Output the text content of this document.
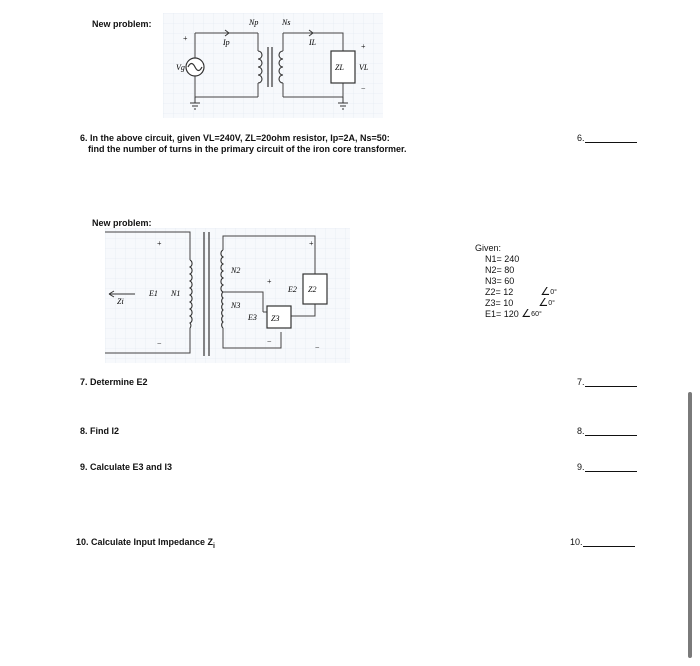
New problem:
+
Vg
Np	Ns
Ip	IL
ZL
+
VL
−
6. In the above circuit, given VL=240V, ZL=20ohm resistor, Ip=2A, Ns=50:
find the number of turns in the primary circuit of the iron core transformer.
6.
New problem:
+
−
Zi
E1 N1
N2
N3
+
+
E2 Z2
E3 Z3
−
−
Given:
N1= 240
N2= 80
N3= 60
Z2= 12 ∠$^{0^\circ}$
Z3= 10 ∠$^{0^\circ}$
E1= 120 ∠$^{60^\circ}$
7. Determine E2	7.
8. Find I2	8.
9. Calculate E3 and I3	9.
10. Calculate Input Impedance $Z_i$	10.
